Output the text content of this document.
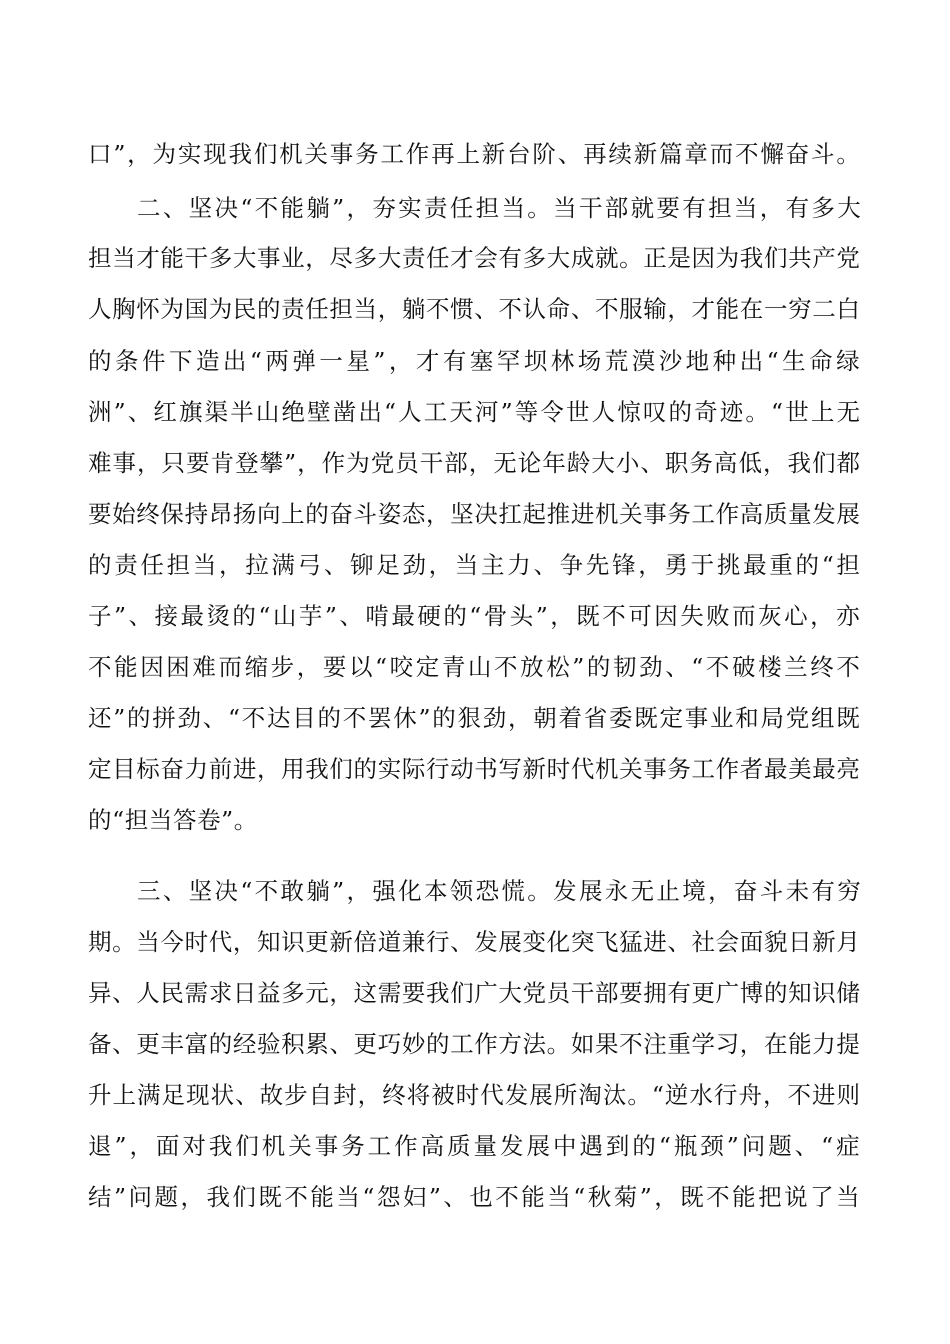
口 ” ， 为 实 现 我 们 机 关 事 务 工 作 再 上 新 台 阶 、 再 续 新 篇 章 而 不 懈 奋 斗 。
二 、 坚 决 “ 不 能 躺 ” ， 夯 实 责 任 担 当 。 当 干 部 就 要 有 担 当 ， 有 多 大
担 当 才 能 干 多 大 事 业 ， 尽 多 大 责 任 才 会 有 多 大 成 就 。 正 是 因 为 我 们 共 产 党
人 胸 怀 为 国 为 民 的 责 任 担 当 ， 躺 不 惯 、 不 认 命 、 不 服 输 ， 才 能 在 一 穷 二 白
的 条 件 下 造 出 “ 两 弹 一 星 ” ， 才 有 塞 罕 坝 林 场 荒 漠 沙 地 种 出 “ 生 命 绿
洲 ” 、 红 旗 渠 半 山 绝 壁 凿 出 “ 人 工 天 河 ” 等 令 世 人 惊 叹 的 奇 迹 。 “ 世 上 无
难 事 ， 只 要 肯 登 攀 ” ， 作 为 党 员 干 部 ， 无 论 年 龄 大 小 、 职 务 高 低 ， 我 们 都
要 始 终 保 持 昂 扬 向 上 的 奋 斗 姿 态 ， 坚 决 扛 起 推 进 机 关 事 务 工 作 高 质 量 发 展
的 责 任 担 当 ， 拉 满 弓 、 铆 足 劲 ， 当 主 力 、 争 先 锋 ， 勇 于 挑 最 重 的 “ 担
子 ” 、 接 最 烫 的 “ 山 芋 ” 、 啃 最 硬 的 “ 骨 头 ” ， 既 不 可 因 失 败 而 灰 心 ， 亦
不 能 因 困 难 而 缩 步 ， 要 以 “ 咬 定 青 山 不 放 松 ” 的 韧 劲 、 “ 不 破 楼 兰 终 不
还 ” 的 拼 劲 、 “ 不 达 目 的 不 罢 休 ” 的 狠 劲 ， 朝 着 省 委 既 定 事 业 和 局 党 组 既
定 目 标 奋 力 前 进 ， 用 我 们 的 实 际 行 动 书 写 新 时 代 机 关 事 务 工 作 者 最 美 最 亮
的 “ 担 当 答 卷 ” 。
三 、 坚 决 “ 不 敢 躺 ” ， 强 化 本 领 恐 慌 。 发 展 永 无 止 境 ， 奋 斗 未 有 穷
期 。 当 今 时 代 ， 知 识 更 新 倍 道 兼 行 、 发 展 变 化 突 飞 猛 进 、 社 会 面 貌 日 新 月
异 、 人 民 需 求 日 益 多 元 ， 这 需 要 我 们 广 大 党 员 干 部 要 拥 有 更 广 博 的 知 识 储
备 、 更 丰 富 的 经 验 积 累 、 更 巧 妙 的 工 作 方 法 。 如 果 不 注 重 学 习 ， 在 能 力 提
升 上 满 足 现 状 、 故 步 自 封 ， 终 将 被 时 代 发 展 所 淘 汰 。 “ 逆 水 行 舟 ， 不 进 则
退 ” ， 面 对 我 们 机 关 事 务 工 作 高 质 量 发 展 中 遇 到 的 “ 瓶 颈 ” 问 题 、 “ 症
结 ” 问 题 ， 我 们 既 不 能 当 “ 怨 妇 ” 、 也 不 能 当 “ 秋 菊 ” ， 既 不 能 把 说 了 当
